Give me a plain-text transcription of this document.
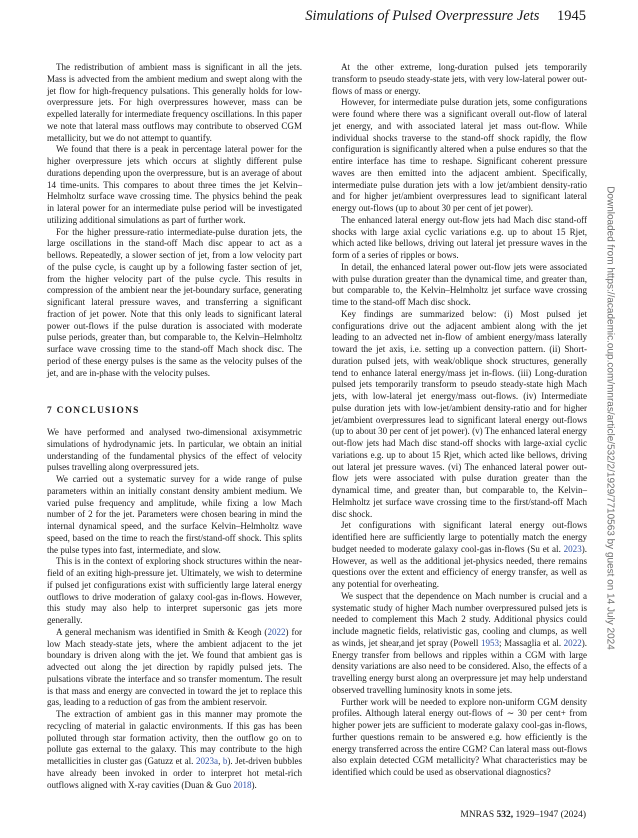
Simulations of Pulsed Overpressure Jets 1945

The redistribution of ambient mass is significant in all the jets. Mass is advected from the ambient medium and swept along with the jet flow for high-frequency pulsations. This generally holds for low-overpressure jets. For high overpressures however, mass can be expelled laterally for intermediate frequency oscillations. In this paper we note that lateral mass outflows may contribute to observed CGM metallicity, but we do not attempt to quantify.

We found that there is a peak in percentage lateral power for the higher overpressure jets which occurs at slightly different pulse durations depending upon the overpressure, but is an average of about 14 time-units. This compares to about three times the jet Kelvin–Helmholtz surface wave crossing time. The physics behind the peak in lateral power for an intermediate pulse period will be investigated utilizing additional simulations as part of further work.

For the higher pressure-ratio intermediate-pulse duration jets, the large oscillations in the stand-off Mach disc appear to act as a bellows. Repeatedly, a slower section of jet, from a low velocity part of the pulse cycle, is caught up by a following faster section of jet, from the higher velocity part of the pulse cycle. This results in compression of the ambient near the jet-boundary surface, generating significant lateral pressure waves, and transferring a significant fraction of jet power. Note that this only leads to significant lateral power out-flows if the pulse duration is associated with moderate pulse periods, greater than, but comparable to, the Kelvin–Helmholtz surface wave crossing time to the stand-off Mach shock disc. The period of these energy pulses is the same as the velocity pulses of the jet, and are in-phase with the velocity pulses.

7 CONCLUSIONS

We have performed and analysed two-dimensional axisymmetric simulations of hydrodynamic jets. In particular, we obtain an initial understanding of the fundamental physics of the effect of velocity pulses travelling along overpressured jets.

We carried out a systematic survey for a wide range of pulse parameters within an initially constant density ambient medium. We varied pulse frequency and amplitude, while fixing a low Mach number of 2 for the jet. Parameters were chosen bearing in mind the internal dynamical speed, and the surface Kelvin–Helmholtz wave speed, based on the time to reach the first/stand-off shock. This splits the pulse types into fast, intermediate, and slow.

This is in the context of exploring shock structures within the near-field of an exiting high-pressure jet. Ultimately, we wish to determine if pulsed jet configurations exist with sufficiently large lateral energy outflows to drive moderation of galaxy cool-gas in-flows. However, this study may also help to interpret supersonic gas jets more generally.

A general mechanism was identified in Smith & Keogh (2022) for low Mach steady-state jets, where the ambient adjacent to the jet boundary is driven along with the jet. We found that ambient gas is advected out along the jet direction by rapidly pulsed jets. The pulsations vibrate the interface and so transfer momentum. The result is that mass and energy are convected in toward the jet to replace this gas, leading to a reduction of gas from the ambient reservoir.

The extraction of ambient gas in this manner may promote the recycling of material in galactic environments. If this gas has been polluted through star formation activity, then the outflow go on to pollute gas external to the galaxy. This may contribute to the high metallicities in cluster gas (Gatuzz et al. 2023a, b). Jet-driven bubbles have already been invoked in order to interpret hot metal-rich outflows aligned with X-ray cavities (Duan & Guo 2018).

At the other extreme, long-duration pulsed jets temporarily transform to pseudo steady-state jets, with very low-lateral power out-flows of mass or energy.

However, for intermediate pulse duration jets, some configurations were found where there was a significant overall out-flow of lateral jet energy, and with associated lateral jet mass out-flow. While individual shocks traverse to the stand-off shock rapidly, the flow configuration is significantly altered when a pulse endures so that the entire interface has time to reshape. Significant coherent pressure waves are then emitted into the adjacent ambient. Specifically, intermediate pulse duration jets with a low jet/ambient density-ratio and for higher jet/ambient overpressures lead to significant lateral energy out-flows (up to about 30 per cent of jet power).

The enhanced lateral energy out-flow jets had Mach disc stand-off shocks with large axial cyclic variations e.g. up to about 15 Rjet, which acted like bellows, driving out lateral jet pressure waves in the form of a series of ripples or bows.

In detail, the enhanced lateral power out-flow jets were associated with pulse duration greater than the dynamical time, and greater than, but comparable to, the Kelvin–Helmholtz jet surface wave crossing time to the stand-off Mach disc shock.

Key findings are summarized below: (i) Most pulsed jet configurations drive out the adjacent ambient along with the jet leading to an advected net in-flow of ambient energy/mass laterally toward the jet axis, i.e. setting up a convection pattern. (ii) Short-duration pulsed jets, with weak/oblique shock structures, generally tend to enhance lateral energy/mass jet in-flows. (iii) Long-duration pulsed jets temporarily transform to pseudo steady-state high Mach jets, with low-lateral jet energy/mass out-flows. (iv) Intermediate pulse duration jets with low-jet/ambient density-ratio and for higher jet/ambient overpressures lead to significant lateral energy out-flows (up to about 30 per cent of jet power). (v) The enhanced lateral energy out-flow jets had Mach disc stand-off shocks with large-axial cyclic variations e.g. up to about 15 Rjet, which acted like bellows, driving out lateral jet pressure waves. (vi) The enhanced lateral power out-flow jets were associated with pulse duration greater than the dynamical time, and greater than, but comparable to, the Kelvin–Helmholtz jet surface wave crossing time to the first/stand-off Mach disc shock.

Jet configurations with significant lateral energy out-flows identified here are sufficiently large to potentially match the energy budget needed to moderate galaxy cool-gas in-flows (Su et al. 2023). However, as well as the additional jet-physics needed, there remains questions over the extent and efficiency of energy transfer, as well as any potential for overheating.

We suspect that the dependence on Mach number is crucial and a systematic study of higher Mach number overpressured pulsed jets is needed to complement this Mach 2 study. Additional physics could include magnetic fields, relativistic gas, cooling and clumps, as well as winds, jet shear,and jet spray (Powell 1953; Massaglia et al. 2022). Energy transfer from bellows and ripples within a CGM with large density variations are also need to be considered. Also, the effects of a travelling energy burst along an overpressure jet may help understand observed travelling luminosity knots in some jets.

Further work will be needed to explore non-uniform CGM density profiles. Although lateral energy out-flows of ∼ 30 per cent+ from higher power jets are sufficient to moderate galaxy cool-gas in-flows, further questions remain to be answered e.g. how efficiently is the energy transferred across the entire CGM? Can lateral mass out-flows also explain detected CGM metallicity? What characteristics may be identified which could be used as observational diagnostics?

Downloaded from https://academic.oup.com/mnras/article/532/2/1929/7710563 by guest on 14 July 2024
MNRAS 532, 1929–1947 (2024)
